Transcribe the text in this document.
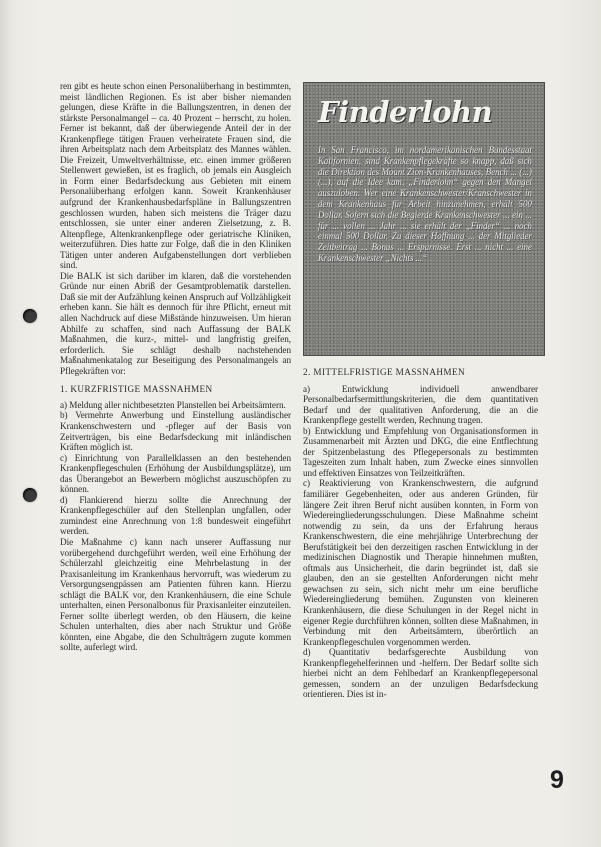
ren gibt es heute schon einen Personalüberhang in bestimmten, meist ländlichen Regionen. Es ist aber bisher niemanden gelungen, diese Kräfte in die Ballungszentren, in denen der stärkste Personalmangel – ca. 40 Prozent – herrscht, zu holen. Ferner ist bekannt, daß der überwiegende Anteil der in der Krankenpflege tätigen Frauen verheiratete Frauen sind, die ihren Arbeitsplatz nach dem Arbeitsplatz des Mannes wählen. Die Freizeit, Umweltverhältnisse, etc. einen immer größeren Stellenwert gewießen, ist es fraglich, ob jemals ein Ausgleich in Form einer Bedarfsdeckung aus Gebieten mit einem Personalüberhang erfolgen kann. Soweit Krankenhäuser aufgrund der Krankenhausbedarfspläne in Ballungszentren geschlossen wurden, haben sich meistens die Träger dazu entschlossen, sie unter einer anderen Zielsetzung, z. B. Altenpflege, Altenkrankenpflege oder geriatrische Kliniken, weiterzuführen. Dies hatte zur Folge, daß die in den Kliniken Tätigen unter anderen Aufgabenstellungen dort verblieben sind.

Die BALK ist sich darüber im klaren, daß die vorstehenden Gründe nur einen Abriß der Gesamtproblematik darstellen. Daß sie mit der Aufzählung keinen Anspruch auf Vollzähligkeit erheben kann. Sie hält es dennoch für ihre Pflicht, erneut mit allen Nachdruck auf diese Mißstände hinzuweisen. Um hieran Abhilfe zu schaffen, sind nach Auffassung der BALK Maßnahmen, die kurz-, mittel- und langfristig greifen, erforderlich. Sie schlägt deshalb nachstehenden Maßnahmenkatalog zur Beseitigung des Personalmangels an Pflegekräften vor:

1. KURZFRISTIGE MASSNAHMEN

a) Meldung aller nichtbesetzten Planstellen bei Arbeitsämtern.

b) Vermehrte Anwerbung und Einstellung ausländischer Krankenschwestern und -pfleger auf der Basis von Zeitverträgen, bis eine Bedarfsdeckung mit inländischen Kräften möglich ist.

c) Einrichtung von Parallelklassen an den bestehenden Krankenpflegeschulen (Erhöhung der Ausbildungsplätze), um das Überangebot an Bewerbern möglichst auszuschöpfen zu können.

d) Flankierend hierzu sollte die Anrechnung der Krankenpflegeschüler auf den Stellenplan ungfallen, oder zumindest eine Anrechnung von 1:8 bundesweit eingeführt werden.

Die Maßnahme c) kann nach unserer Auffassung nur vorübergehend durchgeführt werden, weil eine Erhöhung der Schülerzahl gleichzeitig eine Mehrbelastung in der Praxisanleitung im Krankenhaus hervorruft, was wiederum zu Versorgungsengpässen am Patienten führen kann. Hierzu schlägt die BALK vor, den Krankenhäusern, die eine Schule unterhalten, einen Personalbonus für Praxisanleiter einzuteilen. Ferner sollte überlegt werden, ob den Häusern, die keine Schulen unterhalten, dies aber nach Struktur und Größe könnten, eine Abgabe, die den Schulträgern zugute kommen sollte, auferlegt wird.

Finderlohn
In San Francisco, im nordamerikanischen Bundesstaat Kalifornien, sind Krankenpflegekräfte so knapp, daß sich die Direktion des Mount Zion-Krankenhauses, Bench ... (...) (...), auf die Idee kam, „Finderlohn“ gegen den Mangel auszuloben. Wer eine Krankenschwester/Kranschwester in dem Krankenhaus für Arbeit hinzunehmen, erhält 500 Dollar. Sofern sich die Begierde Krankenschwester ... ein ... für ... vollen ... Jahr ... sie erhält der „Finder“ ... noch einmal 500 Dollar. Zu dieser Hoffnung ... der Mitglieder Zeitbeitrag ... Bonus ... Ersparnisse. Erst ... nicht ... eine Krankenschwester „Nichts ...“
2. MITTELFRISTIGE MASSNAHMEN

a) Entwicklung individuell anwendbarer Personalbedarfsermittlungskriterien, die dem quantitativen Bedarf und der qualitativen Anforderung, die an die Krankenpflege gestellt werden, Rechnung tragen.

b) Entwicklung und Empfehlung von Organisationsformen in Zusammenarbeit mit Ärzten und DKG, die eine Entflechtung der Spitzenbelastung des Pflegepersonals zu bestimmten Tageszeiten zum Inhalt haben, zum Zwecke eines sinnvollen und effektiven Einsatzes von Teilzeitkräften.

c) Reaktivierung von Krankenschwestern, die aufgrund familiärer Gegebenheiten, oder aus anderen Gründen, für längere Zeit ihren Beruf nicht ausüben konnten, in Form von Wiedereingliederungsschulungen. Diese Maßnahme scheint notwendig zu sein, da uns der Erfahrung heraus Krankenschwestern, die eine mehrjährige Unterbrechung der Berufstätigkeit bei den derzeitigen raschen Entwicklung in der medizinischen Diagnostik und Therapie hinnehmen mußten, oftmals aus Unsicherheit, die darin begründet ist, daß sie glauben, den an sie gestellten Anforderungen nicht mehr gewachsen zu sein, sich nicht mehr um eine berufliche Wiedereingliederung bemühen. Zugunsten von kleineren Krankenhäusern, die diese Schulungen in der Regel nicht in eigener Regie durchführen können, sollten diese Maßnahmen, in Verbindung mit den Arbeitsämtern, überörtlich an Krankenpflegeschulen vorgenommen werden.

d) Quantitativ bedarfsgerechte Ausbildung von Krankenpflegehelferinnen und -helfern. Der Bedarf sollte sich hierbei nicht an dem Fehlbedarf an Krankenpflegepersonal gemessen, sondern an der unzuligen Bedarfsdeckung orientieren. Dies ist in-

9
